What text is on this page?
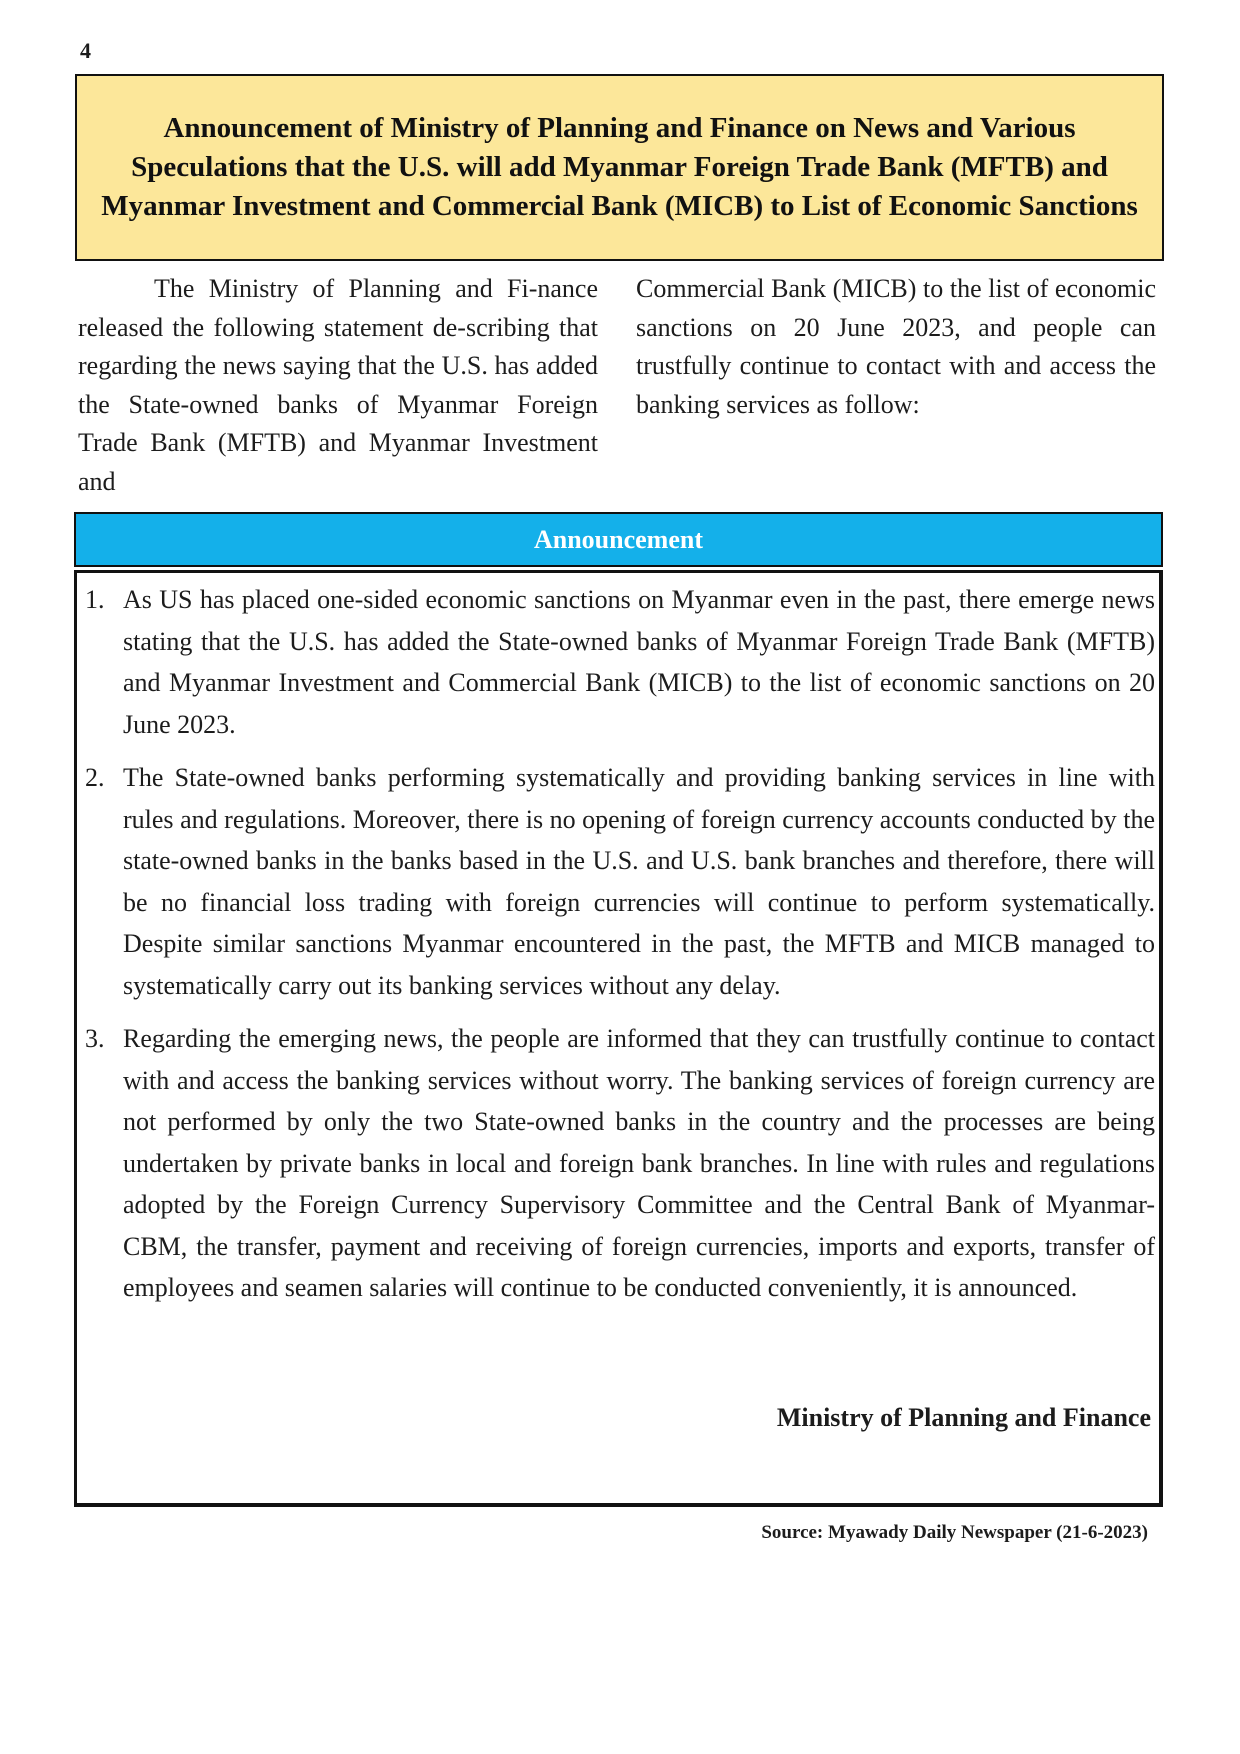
4
Announcement of Ministry of Planning and Finance on News and Various Speculations that the U.S. will add Myanmar Foreign Trade Bank (MFTB) and Myanmar Investment and Commercial Bank (MICB) to List of Economic Sanctions
The Ministry of Planning and Fi-nance released the following statement de-scribing that regarding the news saying that the U.S. has added the State-owned banks of Myanmar Foreign Trade Bank (MFTB) and Myanmar Investment and
Commercial Bank (MICB) to the list of economic sanctions on 20 June 2023, and people can trustfully continue to contact with and access the banking services as follow:
Announcement
1. As US has placed one-sided economic sanctions on Myanmar even in the past, there emerge news stating that the U.S. has added the State-owned banks of Myanmar Foreign Trade Bank (MFTB) and Myanmar Investment and Commercial Bank (MICB) to the list of economic sanctions on 20 June 2023.
2. The State-owned banks performing systematically and providing banking services in line with rules and regulations. Moreover, there is no opening of foreign currency accounts conducted by the state-owned banks in the banks based in the U.S. and U.S. bank branches and therefore, there will be no financial loss trading with foreign currencies will continue to perform systematically. Despite similar sanctions Myanmar encountered in the past, the MFTB and MICB managed to systematically carry out its banking services without any delay.
3. Regarding the emerging news, the people are informed that they can trustfully continue to contact with and access the banking services without worry. The banking services of foreign currency are not performed by only the two State-owned banks in the country and the processes are being undertaken by private banks in local and foreign bank branches. In line with rules and regulations adopted by the Foreign Currency Supervisory Committee and the Central Bank of Myanmar-CBM, the transfer, payment and receiving of foreign currencies, imports and exports, transfer of employees and seamen salaries will continue to be conducted conveniently, it is announced.
Ministry of Planning and Finance
Source: Myawady Daily Newspaper (21-6-2023)
